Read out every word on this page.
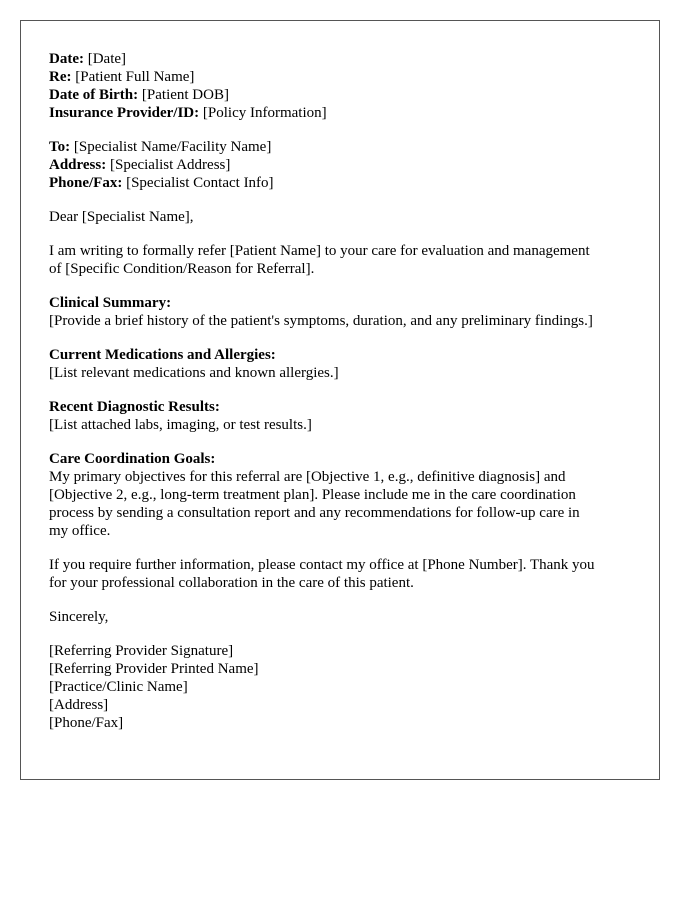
Date: [Date]
Re: [Patient Full Name]
Date of Birth: [Patient DOB]
Insurance Provider/ID: [Policy Information]
To: [Specialist Name/Facility Name]
Address: [Specialist Address]
Phone/Fax: [Specialist Contact Info]
Dear [Specialist Name],
I am writing to formally refer [Patient Name] to your care for evaluation and management
of [Specific Condition/Reason for Referral].
Clinical Summary:
[Provide a brief history of the patient's symptoms, duration, and any preliminary findings.]
Current Medications and Allergies:
[List relevant medications and known allergies.]
Recent Diagnostic Results:
[List attached labs, imaging, or test results.]
Care Coordination Goals:
My primary objectives for this referral are [Objective 1, e.g., definitive diagnosis] and
[Objective 2, e.g., long-term treatment plan]. Please include me in the care coordination
process by sending a consultation report and any recommendations for follow-up care in
my office.
If you require further information, please contact my office at [Phone Number]. Thank you
for your professional collaboration in the care of this patient.
Sincerely,
[Referring Provider Signature]
[Referring Provider Printed Name]
[Practice/Clinic Name]
[Address]
[Phone/Fax]
